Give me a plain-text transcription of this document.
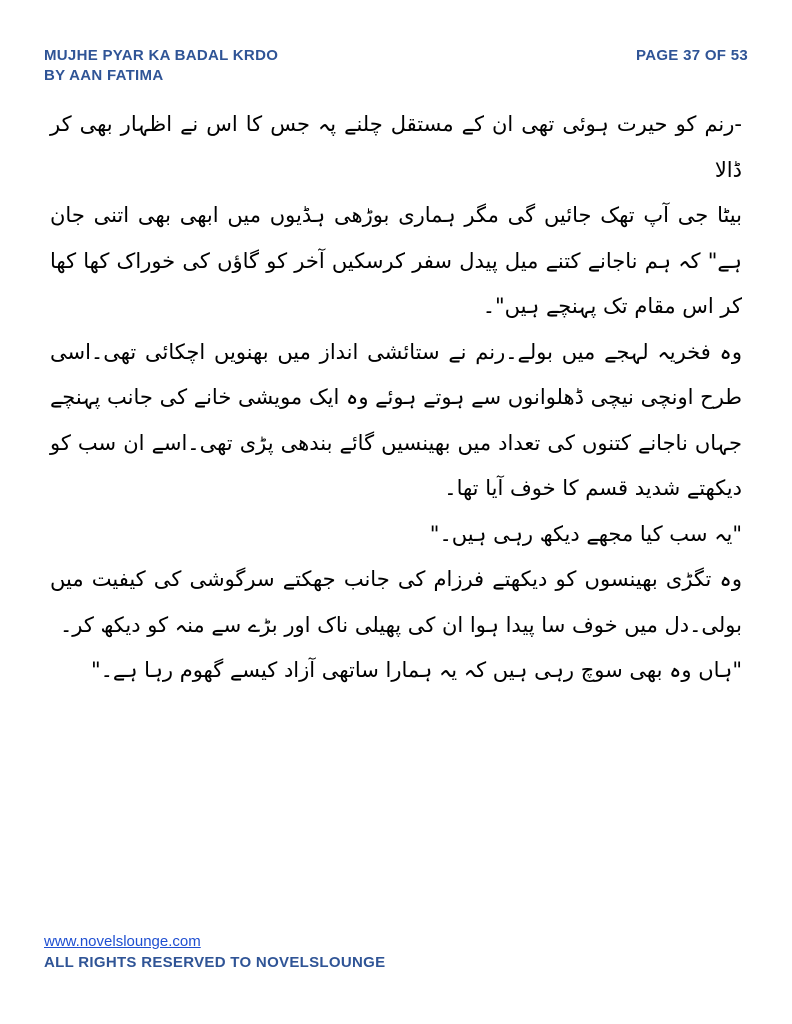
MUJHE PYAR KA BADAL KRDO
BY AAN FATIMA
PAGE 37 OF 53

-رنم کو حیرت ہوئی تھی ان کے مستقل چلنے پہ جس کا اس نے اظہار بھی کر ڈالا

بیٹا جی آپ تھک جائیں گی مگر ہماری بوڑھی ہڈیوں میں ابھی بھی اتنی جان ہے" کہ ہم ناجانے کتنے میل پیدل سفر کرسکیں آخر کو گاؤں کی خوراک کھا کھا کر اس مقام تک پہنچے ہیں"۔

وہ فخریہ لہجے میں بولے۔رنم نے ستائشی انداز میں بھنویں اچکائی تھی۔اسی طرح اونچی نیچی ڈھلوانوں سے ہوتے ہوئے وہ ایک مویشی خانے کی جانب پہنچے جہاں ناجانے کتنوں کی تعداد میں بھینسیں گائے بندھی پڑی تھی۔اسے ان سب کو دیکھتے شدید قسم کا خوف آیا تھا۔

"یہ سب کیا مجھے دیکھ رہی ہیں۔"

وہ تگڑی بھینسوں کو دیکھتے فرزام کی جانب جھکتے سرگوشی کی کیفیت میں بولی۔دل میں خوف سا پیدا ہوا ان کی پھیلی ناک اور بڑے سے منہ کو دیکھ کر۔

"ہاں وہ بھی سوچ رہی ہیں کہ یہ ہمارا ساتھی آزاد کیسے گھوم رہا ہے۔"

www.novelslounge.com
ALL RIGHTS RESERVED TO NOVELSLOUNGE
